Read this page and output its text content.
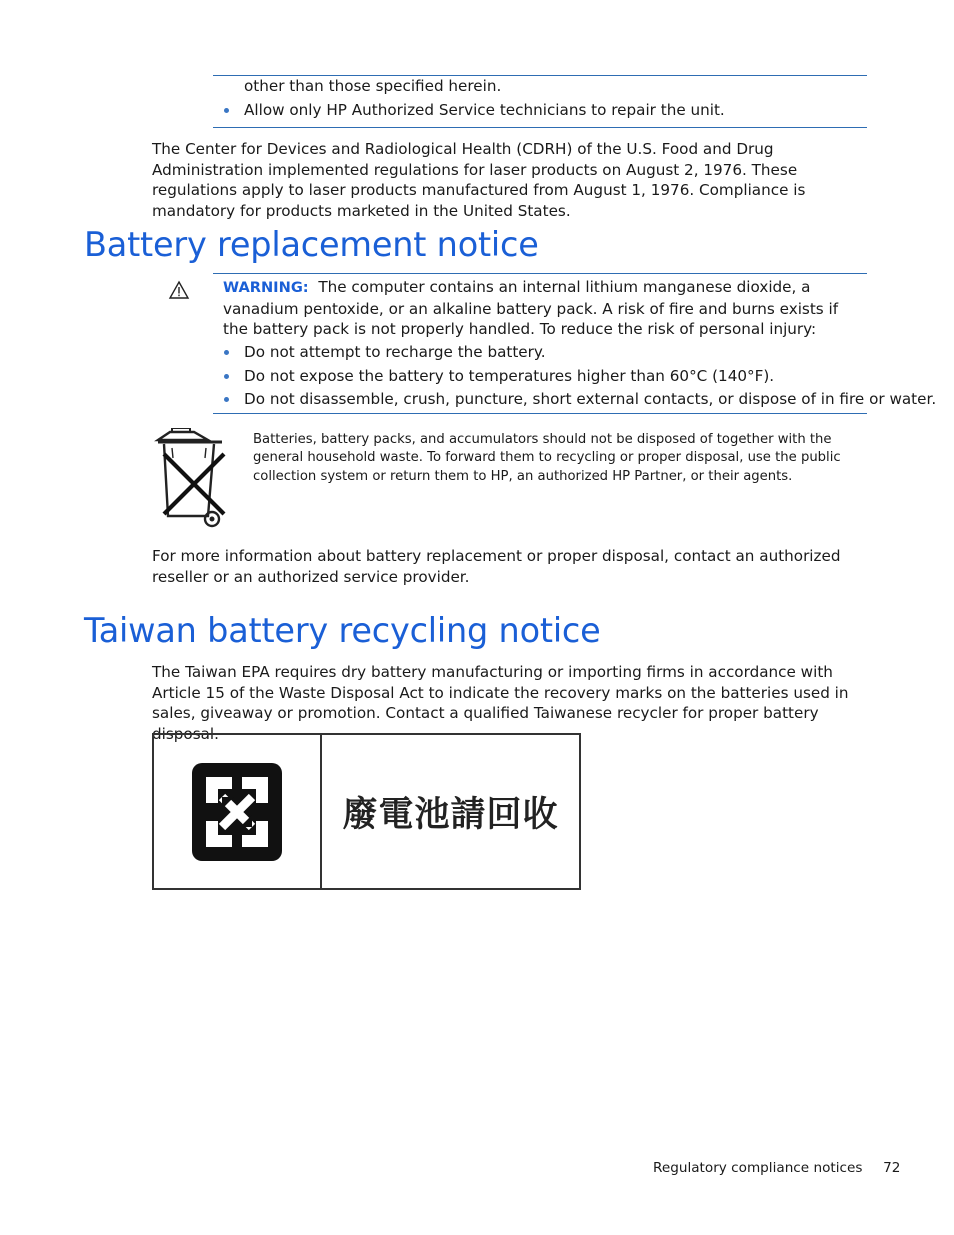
other than those specified herein.
Allow only HP Authorized Service technicians to repair the unit.
The Center for Devices and Radiological Health (CDRH) of the U.S. Food and Drug Administration implemented regulations for laser products on August 2, 1976. These regulations apply to laser products manufactured from August 1, 1976. Compliance is mandatory for products marketed in the United States.
Battery replacement notice
WARNING: The computer contains an internal lithium manganese dioxide, a vanadium pentoxide, or an alkaline battery pack. A risk of fire and burns exists if the battery pack is not properly handled. To reduce the risk of personal injury:
Do not attempt to recharge the battery.
Do not expose the battery to temperatures higher than 60°C (140°F).
Do not disassemble, crush, puncture, short external contacts, or dispose of in fire or water.
Batteries, battery packs, and accumulators should not be disposed of together with the general household waste. To forward them to recycling or proper disposal, use the public collection system or return them to HP, an authorized HP Partner, or their agents.
For more information about battery replacement or proper disposal, contact an authorized reseller or an authorized service provider.
Taiwan battery recycling notice
The Taiwan EPA requires dry battery manufacturing or importing firms in accordance with Article 15 of the Waste Disposal Act to indicate the recovery marks on the batteries used in sales, giveaway or promotion. Contact a qualified Taiwanese recycler for proper battery disposal.
廢電池請回收
Regulatory compliance notices 72
